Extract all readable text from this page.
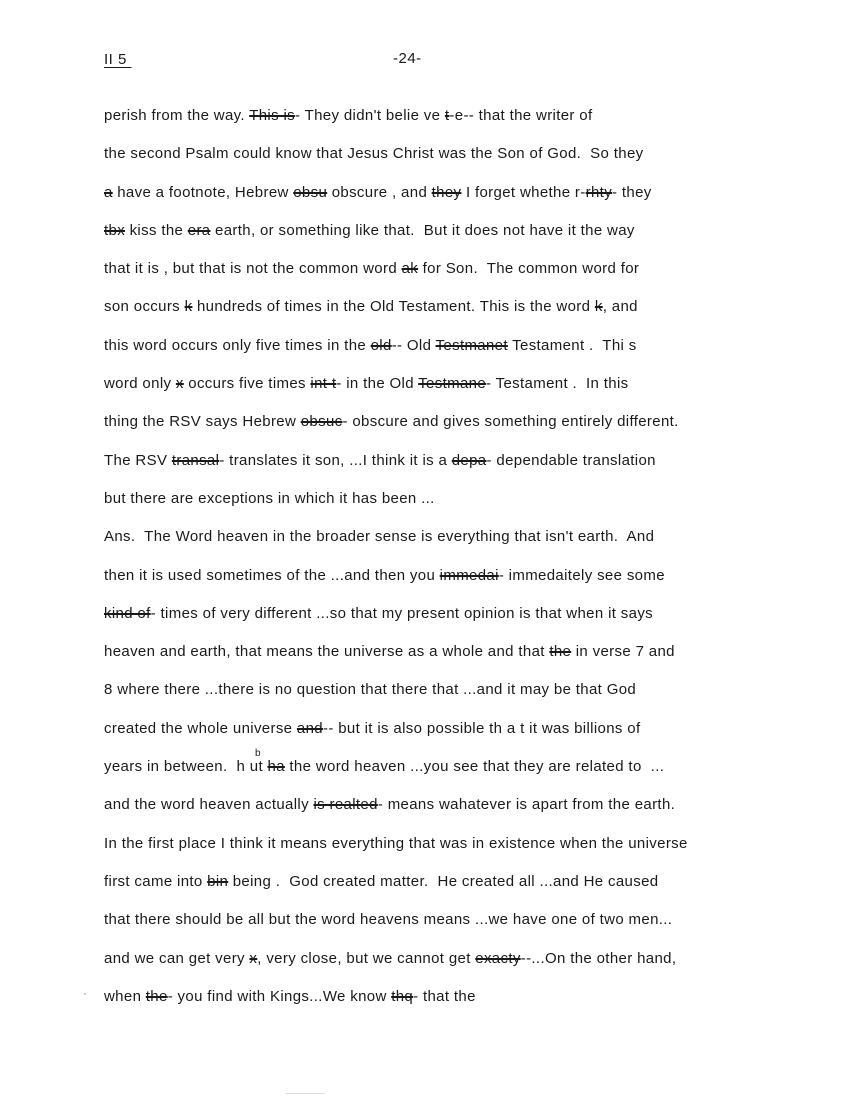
II 5	-24-
perish from the way. This is- They didn't belie ve t-e-- that the writer of
the second Psalm could know that Jesus Christ was the Son of God.  So they
a have a footnote, Hebrew obsu obscure , and they I forget whethe r-rhty- they
tbx kiss the era earth, or something like that.  But it does not have it the way
that it is , but that is not the common word ak for Son.  The common word for
son occurs k hundreds of times in the Old Testament. This is the word k, and
this word occurs only five times in the old-- Old Testmanet Testament .  Thi s
word only x occurs five times int t- in the Old Testmane- Testament .  In this
thing the RSV says Hebrew obsuc- obscure and gives something entirely different.
The RSV transal- translates it son, ...I think it is a depa- dependable translation
but there are exceptions in which it has been ...
Ans.  The Word heaven in the broader sense is everything that isn't earth.  And
then it is used sometimes of the ...and then you immedai- immedaitely see some
kind of- times of very different ...so that my present opinion is that when it says
heaven and earth, that means the universe as a whole and that the in verse 7 and
8 where there ...there is no question that there that ...and it may be that God
created the whole universe and-- but it is also possible th a t it was billions of
years in between.  h ut ha the word heaven ...you see that they are related to  ...
and the word heaven actually is realted- means wahatever is apart from the earth.
In the first place I think it means everything that was in existence when the universe
first came into bin being .  God created matter.  He created all ...and He caused
that there should be all but the word heavens means ...we have one of two men...
and we can get very x, very close, but we cannot get exacty--...On the other hand,
when the- you find with Kings...We know thq- that the
b
